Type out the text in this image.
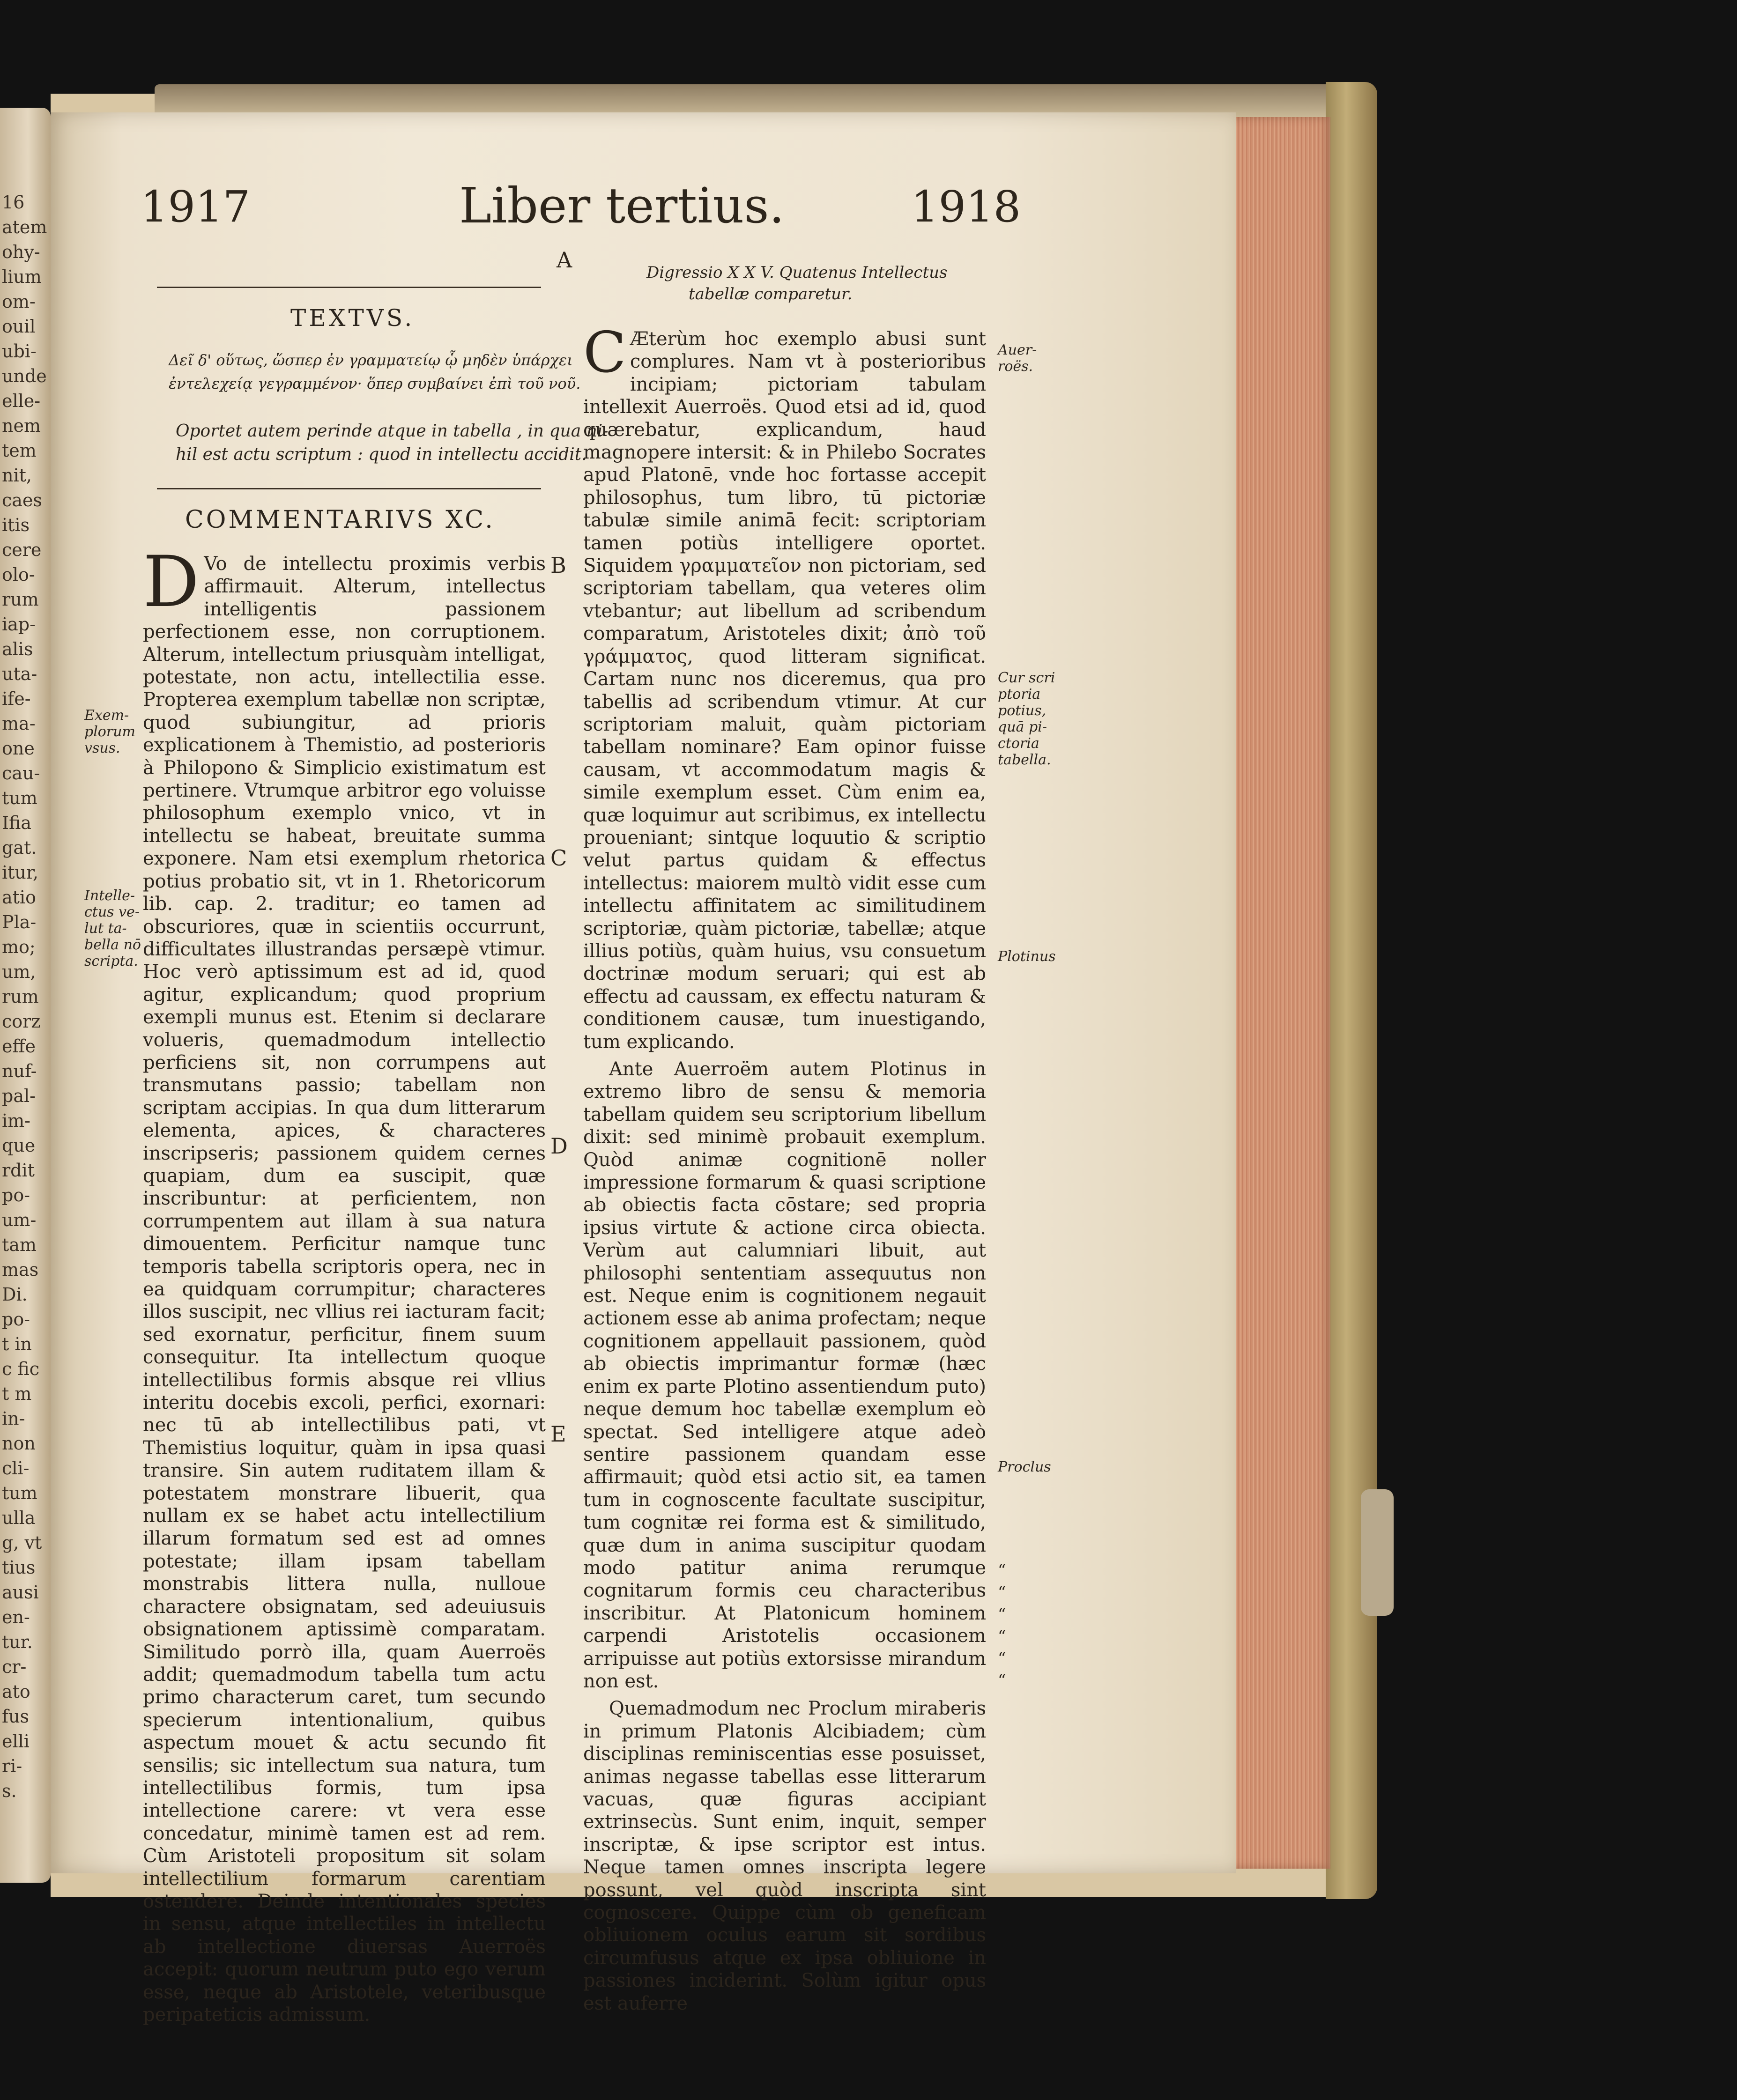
16
atem
ohy-
lium
om-
ouil
ubi-
unde
elle-
nem
tem
nit,
caes
itis
cere
olo-
rum
iap-
alis
uta-
ife-
ma-
one
cau-
tum
Ifia
gat.
itur,
atio
Pla-
mo;
um,
rum
corz
effe
nuf-
pal-
im-
que
rdit
po-
um-
tam
mas
Di.
po-
t in
c fic
t m
in-
non
cli-
tum
ulla
g, vt
tius
ausi
en-
tur.
cr-
ato
fus
elli
ri-
s.
1917	Liber tertius.	1918
A
B
C
D
E
TEXTVS.
Δεῖ δ' οὕτως, ὥσπερ ἐν γραμματείῳ ᾧ μηδὲν ὑπάρχει
ἐντελεχείᾳ γεγραμμένον· ὅπερ συμβαίνει ἐπὶ τοῦ νοῦ.
Oportet autem perinde atque in tabella , in qua ni-
hil est actu scriptum : quod in intellectu accidit.
COMMENTARIVS XC.
D Vo de intellectu proximis verbis affirmauit. Alterum, intellectus intelligentis passionem perfectionem esse, non corruptionem. Alterum, intellectum priusquàm intelligat, potestate, non actu, intellectilia esse. Propterea exemplum tabellæ non scriptæ, quod subiungitur, ad prioris explicationem à Themistio, ad posterioris à Philopono & Simplicio existimatum est pertinere. Vtrumque arbitror ego voluisse philosophum exemplo vnico, vt in intellectu se habeat, breuitate summa exponere. Nam etsi exemplum rhetorica potius probatio sit, vt in 1. Rhetoricorum lib. cap. 2. traditur; eo tamen ad obscuriores, quæ in scientiis occurrunt, difficultates illustrandas persæpè vtimur. Hoc verò aptissimum est ad id, quod agitur, explicandum; quod proprium exempli munus est. Etenim si declarare volueris, quemadmodum intellectio perficiens sit, non corrumpens aut transmutans passio; tabellam non scriptam accipias. In qua dum litterarum elementa, apices, & characteres inscripseris; passionem quidem cernes quapiam, dum ea suscipit, quæ inscribuntur: at perficientem, non corrumpentem aut illam à sua natura dimouentem. Perficitur namque tunc temporis tabella scriptoris opera, nec in ea quidquam corrumpitur; characteres illos suscipit, nec vllius rei iacturam facit; sed exornatur, perficitur, finem suum consequitur. Ita intellectum quoque intellectilibus formis absque rei vllius interitu docebis excoli, perfici, exornari: nec tū ab intellectilibus pati, vt Themistius loquitur, quàm in ipsa quasi transire. Sin autem ruditatem illam & potestatem monstrare libuerit, qua nullam ex se habet actu intellectilium illarum formatum sed est ad omnes potestate; illam ipsam tabellam monstrabis littera nulla, nulloue charactere obsignatam, sed adeuiusuis obsignationem aptissimè comparatam. Similitudo porrò illa, quam Auerroës addit; quemadmodum tabella tum actu primo characterum caret, tum secundo specierum intentionalium, quibus aspectum mouet & actu secundo fit sensilis; sic intellectum sua natura, tum intellectilibus formis, tum ipsa intellectione carere: vt vera esse concedatur, minimè tamen est ad rem. Cùm Aristoteli propositum sit solam intellectilium formarum carentiam ostendere. Deinde intentionales species in sensu, atque intellectiles in intellectu ab intellectione diuersas Auerroës accepit: quorum neutrum puto ego verum esse, neque ab Aristotele, veteribusque peripateticis admissum.
Exem-
plorum
vsus.
Intelle-
ctus ve-
lut ta-
bella nō
scripta.
Digressio X X V. Quatenus Intellectus
tabellæ comparetur.

C Æterùm hoc exemplo abusi sunt complures. Nam vt à posterioribus incipiam; pictoriam tabulam intellexit Auerroës. Quod etsi ad id, quod quærebatur, explicandum, haud magnopere intersit: & in Philebo Socrates apud Platonē, vnde hoc fortasse accepit philosophus, tum libro, tū pictoriæ tabulæ simile animā fecit: scriptoriam tamen potiùs intelligere oportet. Siquidem γραμματεῖον non pictoriam, sed scriptoriam tabellam, qua veteres olim vtebantur; aut libellum ad scribendum comparatum, Aristoteles dixit; ἀπὸ τοῦ γράμματος, quod litteram significat. Cartam nunc nos diceremus, qua pro tabellis ad scribendum vtimur. At cur scriptoriam maluit, quàm pictoriam tabellam nominare? Eam opinor fuisse causam, vt accommodatum magis & simile exemplum esset. Cùm enim ea, quæ loquimur aut scribimus, ex intellectu proueniant; sintque loquutio & scriptio velut partus quidam & effectus intellectus: maiorem multò vidit esse cum intellectu affinitatem ac similitudinem scriptoriæ, quàm pictoriæ, tabellæ; atque illius potiùs, quàm huius, vsu consuetum doctrinæ modum seruari; qui est ab effectu ad caussam, ex effectu naturam & conditionem causæ, tum inuestigando, tum explicando.

Ante Auerroëm autem Plotinus in extremo libro de sensu & memoria tabellam quidem seu scriptorium libellum dixit: sed minimè probauit exemplum. Quòd animæ cognitionē noller impressione formarum & quasi scriptione ab obiectis facta cōstare; sed propria ipsius virtute & actione circa obiecta. Verùm aut calumniari libuit, aut philosophi sententiam assequutus non est. Neque enim is cognitionem negauit actionem esse ab anima profectam; neque cognitionem appellauit passionem, quòd ab obiectis imprimantur formæ (hæc enim ex parte Plotino assentiendum puto) neque demum hoc tabellæ exemplum eò spectat. Sed intelligere atque adeò sentire passionem quandam esse affirmauit; quòd etsi actio sit, ea tamen tum in cognoscente facultate suscipitur, tum cognitæ rei forma est & similitudo, quæ dum in anima suscipitur quodam modo patitur anima rerumque cognitarum formis ceu characteribus inscribitur. At Platonicum hominem carpendi Aristotelis occasionem arripuisse aut potiùs extorsisse mirandum non est.

Quemadmodum nec Proclum miraberis in primum Platonis Alcibiadem; cùm disciplinas reminiscentias esse posuisset, animas negasse tabellas esse litterarum vacuas, quæ figuras accipiant extrinsecùs. Sunt enim, inquit, semper inscriptæ, & ipse scriptor est intus. Neque tamen omnes inscripta legere possunt, vel quòd inscripta sint cognoscere. Quippe cùm ob geneficam obliuionem oculus earum sit sordibus circumfusus atque ex ipsa obliuione in passiones inciderint. Solùm igitur opus est auferre

Auer-
roës.
Cur scri
ptoria
potius,
quā pi-
ctoria
tabella.
Plotinus
Proclus
“
“
“
“
“
“
